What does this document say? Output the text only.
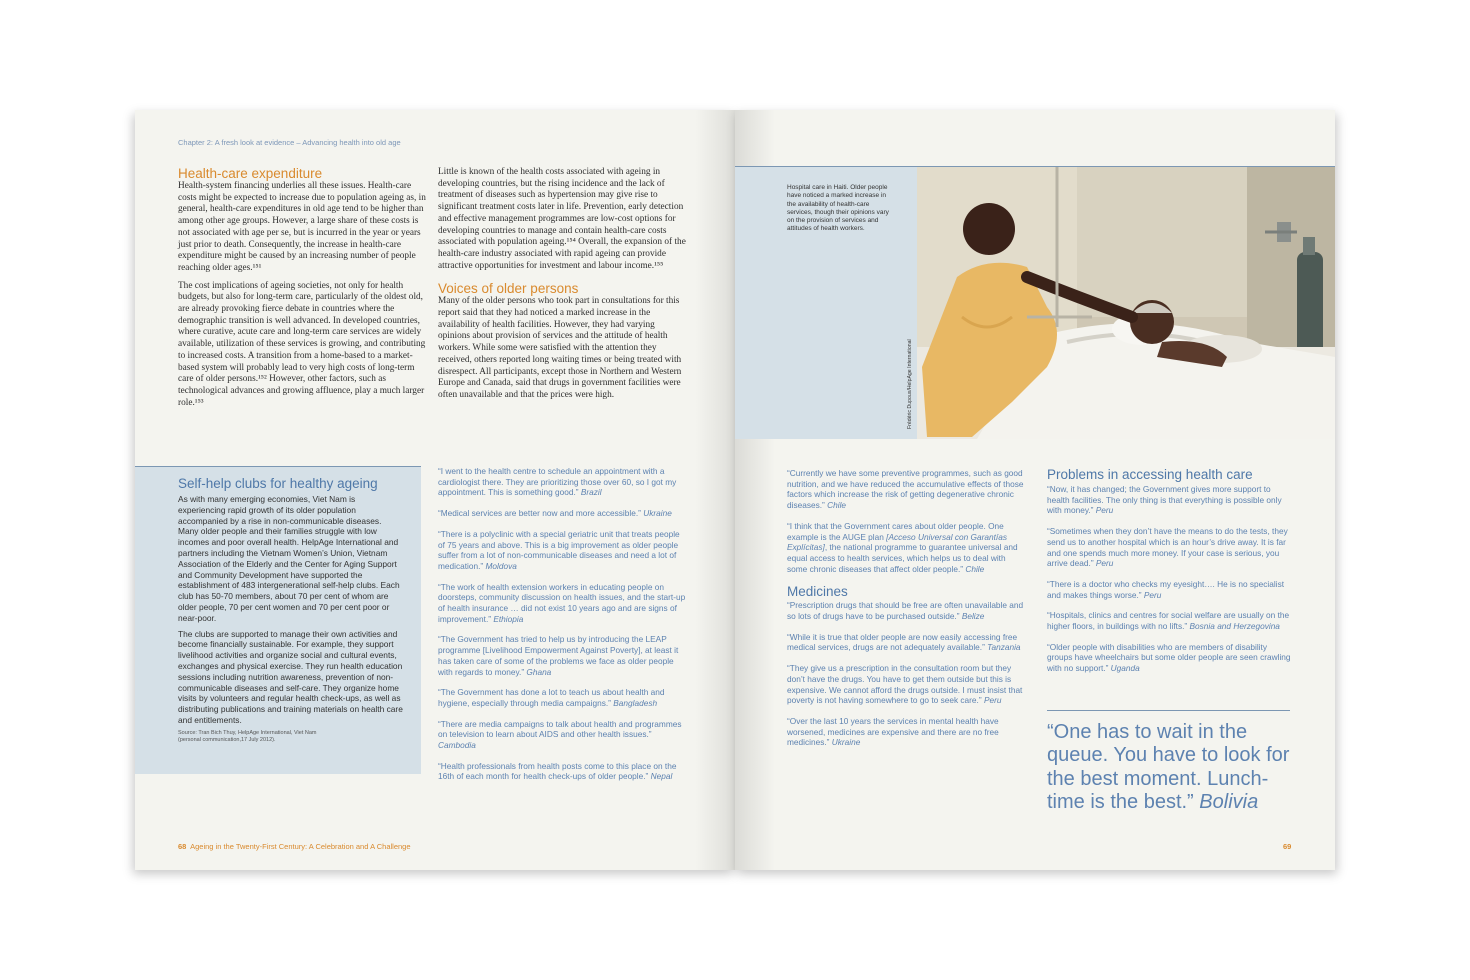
Chapter 2: A fresh look at evidence – Advancing health into old age
Health-care expenditure

Health-system financing underlies all these issues. Health-care costs might be expected to increase due to population ageing as, in general, health-care expenditures in old age tend to be higher than among other age groups. However, a large share of these costs is not associated with age per se, but is incurred in the year or years just prior to death. Consequently, the increase in health-care expenditure might be caused by an increasing number of people reaching older ages.¹⁵¹

The cost implications of ageing societies, not only for health budgets, but also for long-term care, particularly of the oldest old, are already provoking fierce debate in countries where the demographic transition is well advanced. In developed countries, where curative, acute care and long-term care services are widely available, utilization of these services is growing, and contributing to increased costs. A transition from a home-based to a market-based system will probably lead to very high costs of long-term care of older persons.¹⁵² However, other factors, such as technological advances and growing affluence, play a much larger role.¹⁵³

Little is known of the health costs associated with ageing in developing countries, but the rising incidence and the lack of treatment of diseases such as hypertension may give rise to significant treatment costs later in life. Prevention, early detection and effective management programmes are low-cost options for developing countries to manage and contain health-care costs associated with population ageing.¹⁵⁴ Overall, the expansion of the health-care industry associated with rapid ageing can provide attractive opportunities for investment and labour income.¹⁵⁵

Voices of older persons

Many of the older persons who took part in consultations for this report said that they had noticed a marked increase in the availability of health facilities. However, they had varying opinions about provision of services and the attitude of health workers. While some were satisfied with the attention they received, others reported long waiting times or being treated with disrespect. All participants, except those in Northern and Western Europe and Canada, said that drugs in government facilities were often unavailable and that the prices were high.

Self-help clubs for healthy ageing

As with many emerging economies, Viet Nam is experiencing rapid growth of its older population accompanied by a rise in non-communicable diseases. Many older people and their families struggle with low incomes and poor overall health. HelpAge International and partners including the Vietnam Women’s Union, Vietnam Association of the Elderly and the Center for Aging Support and Community Development have supported the establishment of 483 intergenerational self-help clubs. Each club has 50-70 members, about 70 per cent of whom are older people, 70 per cent women and 70 per cent poor or near-poor.

The clubs are supported to manage their own activities and become financially sustainable. For example, they support livelihood activities and organize social and cultural events, exchanges and physical exercise. They run health education sessions including nutrition awareness, prevention of non-communicable diseases and self-care. They organize home visits by volunteers and regular health check-ups, as well as distributing publications and training materials on health care and entitlements.

Source: Tran Bich Thuy, HelpAge International, Viet Nam

(personal communication,17 July 2012).

“I went to the health centre to schedule an appointment with a cardiologist there. They are prioritizing those over 60, so I got my appointment. This is something good.” Brazil

“Medical services are better now and more accessible.” Ukraine

“There is a polyclinic with a special geriatric unit that treats people of 75 years and above. This is a big improvement as older people suffer from a lot of non-communicable diseases and need a lot of medication.” Moldova

“The work of health extension workers in educating people on doorsteps, community discussion on health issues, and the start-up of health insurance … did not exist 10 years ago and are signs of improvement.” Ethiopia

“The Government has tried to help us by introducing the LEAP programme [Livelihood Empowerment Against Poverty], at least it has taken care of some of the problems we face as older people with regards to money.” Ghana

“The Government has done a lot to teach us about health and hygiene, especially through media campaigns.” Bangladesh

“There are media campaigns to talk about health and programmes on television to learn about AIDS and other health issues.” Cambodia

“Health professionals from health posts come to this place on the 16th of each month for health check-ups of older people.” Nepal

68 Ageing in the Twenty-First Century: A Celebration and A Challenge
Hospital care in Haiti. Older people have noticed a marked increase in the availability of health-care services, though their opinions vary on the provision of services and attitudes of health workers.
Frédéric Dupoux/HelpAge International

“Currently we have some preventive programmes, such as good nutrition, and we have reduced the accumulative effects of those factors which increase the risk of getting degenerative chronic diseases.” Chile

“I think that the Government cares about older people. One example is the AUGE plan [Acceso Universal con Garantías Explícitas], the national programme to guarantee universal and equal access to health services, which helps us to deal with some chronic diseases that affect older people.” Chile

Medicines

“Prescription drugs that should be free are often unavailable and so lots of drugs have to be purchased outside.” Belize

“While it is true that older people are now easily accessing free medical services, drugs are not adequately available.” Tanzania

“They give us a prescription in the consultation room but they don’t have the drugs. You have to get them outside but this is expensive. We cannot afford the drugs outside. I must insist that poverty is not having somewhere to go to seek care.” Peru

“Over the last 10 years the services in mental health have worsened, medicines are expensive and there are no free medicines.” Ukraine

Problems in accessing health care

“Now, it has changed; the Government gives more support to health facilities. The only thing is that everything is possible only with money.” Peru

“Sometimes when they don’t have the means to do the tests, they send us to another hospital which is an hour’s drive away. It is far and one spends much more money. If your case is serious, you arrive dead.” Peru

“There is a doctor who checks my eyesight…. He is no specialist and makes things worse.” Peru

“Hospitals, clinics and centres for social welfare are usually on the higher floors, in buildings with no lifts.” Bosnia and Herzegovina

“Older people with disabilities who are members of disability groups have wheelchairs but some older people are seen crawling with no support.” Uganda

“One has to wait in the queue. You have to look for the best moment. Lunch-time is the best.” Bolivia
69
